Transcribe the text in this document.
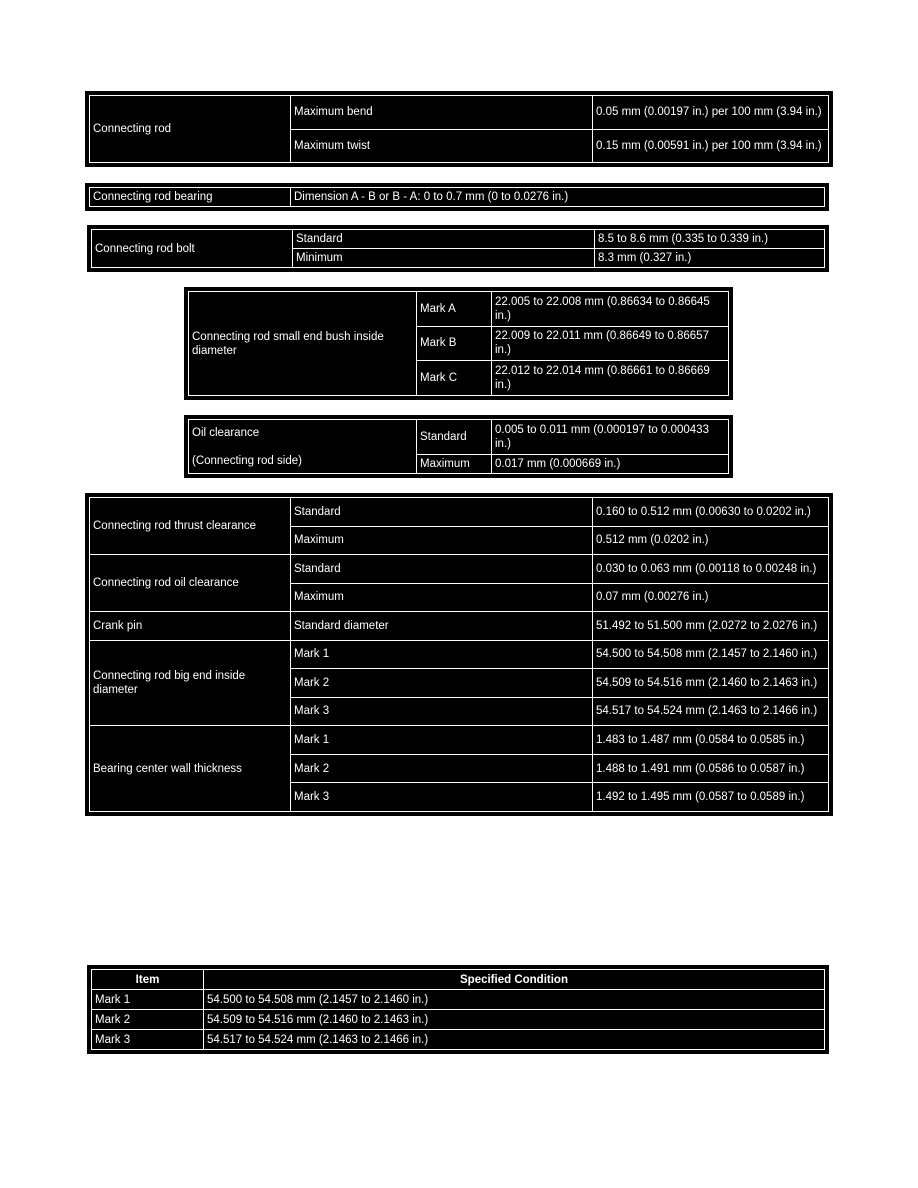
Connecting rod	Maximum bend	0.05 mm (0.00197 in.) per 100 mm (3.94 in.)
	Maximum twist	0.15 mm (0.00591 in.) per 100 mm (3.94 in.)
Connecting rod bearing	Dimension A - B or B - A: 0 to 0.7 mm (0 to 0.0276 in.)
Connecting rod bolt	Standard	8.5 to 8.6 mm (0.335 to 0.339 in.)
	Minimum	8.3 mm (0.327 in.)
Connecting rod small end bush inside diameter	Mark A	22.005 to 22.008 mm (0.86634 to 0.86645 in.)
	Mark B	22.009 to 22.011 mm (0.86649 to 0.86657 in.)
	Mark C	22.012 to 22.014 mm (0.86661 to 0.86669 in.)
Oil clearance
(Connecting rod side)	Standard	0.005 to 0.011 mm (0.000197 to 0.000433 in.)
	Maximum	0.017 mm (0.000669 in.)
Connecting rod thrust clearance	Standard	0.160 to 0.512 mm (0.00630 to 0.0202 in.)
	Maximum	0.512 mm (0.0202 in.)
Connecting rod oil clearance	Standard	0.030 to 0.063 mm (0.00118 to 0.00248 in.)
	Maximum	0.07 mm (0.00276 in.)
Crank pin	Standard diameter	51.492 to 51.500 mm (2.0272 to 2.0276 in.)
Connecting rod big end inside diameter	Mark 1	54.500 to 54.508 mm (2.1457 to 2.1460 in.)
	Mark 2	54.509 to 54.516 mm (2.1460 to 2.1463 in.)
	Mark 3	54.517 to 54.524 mm (2.1463 to 2.1466 in.)
Bearing center wall thickness	Mark 1	1.483 to 1.487 mm (0.0584 to 0.0585 in.)
	Mark 2	1.488 to 1.491 mm (0.0586 to 0.0587 in.)
	Mark 3	1.492 to 1.495 mm (0.0587 to 0.0589 in.)
Item	Specified Condition
Mark 1	54.500 to 54.508 mm (2.1457 to 2.1460 in.)
Mark 2	54.509 to 54.516 mm (2.1460 to 2.1463 in.)
Mark 3	54.517 to 54.524 mm (2.1463 to 2.1466 in.)
